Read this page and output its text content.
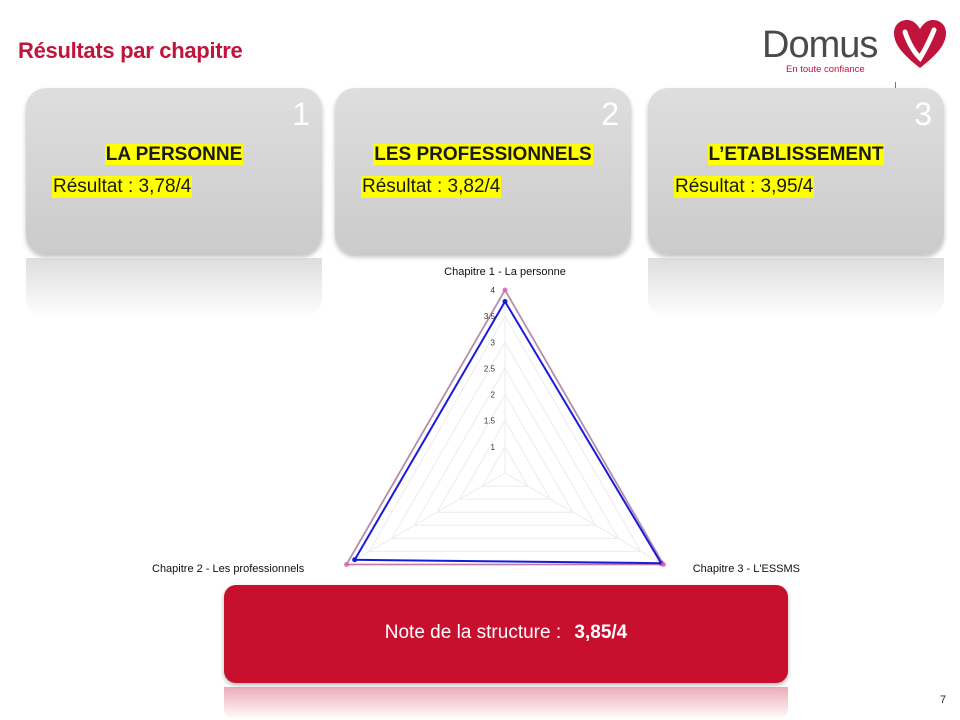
Résultats par chapitre	Domus
En toute confiance
1
LA PERSONNE
Résultat : 3,78/4
2
LES PROFESSIONNELS
Résultat : 3,82/4
3
L’ETABLISSEMENT
Résultat : 3,95/4
1
1.5
2
2.5
3
3.5
4
Chapitre 1 - La personne
Chapitre 2 - Les professionnels	Chapitre 3 - L'ESSMS
Note de la structure : 3,85/4
7
